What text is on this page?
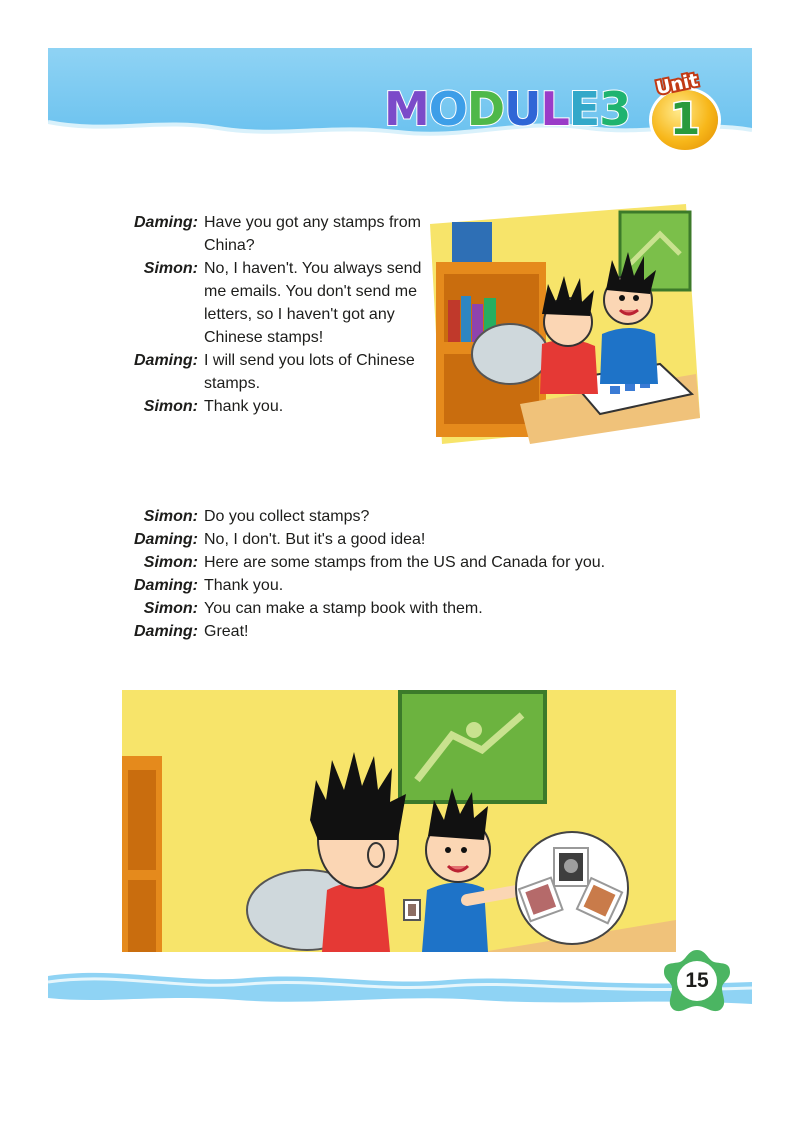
MODULE3 Unit
1
Daming: Have you got any stamps from China?
Simon: No, I haven't. You always send me emails. You don't send me letters, so I haven't got any Chinese stamps!
Daming: I will send you lots of Chinese stamps.
Simon: Thank you.
Simon: Do you collect stamps?
Daming: No, I don't. But it's a good idea!
Simon: Here are some stamps from the US and Canada for you.
Daming: Thank you.
Simon: You can make a stamp book with them.
Daming: Great!
15
